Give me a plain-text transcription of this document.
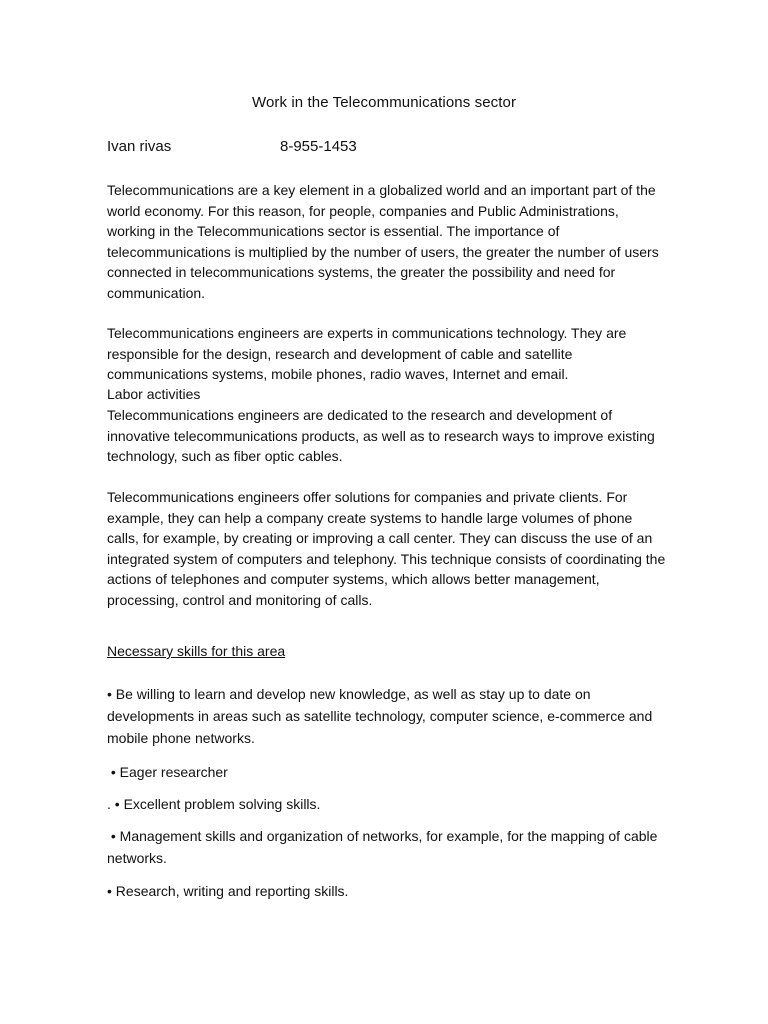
Work in the Telecommunications sector
Ivan rivas	8-955-1453

Telecommunications are a key element in a globalized world and an important part of the world economy. For this reason, for people, companies and Public Administrations, working in the Telecommunications sector is essential. The importance of telecommunications is multiplied by the number of users, the greater the number of users connected in telecommunications systems, the greater the possibility and need for communication.

Telecommunications engineers are experts in communications technology. They are responsible for the design, research and development of cable and satellite communications systems, mobile phones, radio waves, Internet and email.

Labor activities

Telecommunications engineers are dedicated to the research and development of innovative telecommunications products, as well as to research ways to improve existing technology, such as fiber optic cables.

Telecommunications engineers offer solutions for companies and private clients. For example, they can help a company create systems to handle large volumes of phone calls, for example, by creating or improving a call center. They can discuss the use of an integrated system of computers and telephony. This technique consists of coordinating the actions of telephones and computer systems, which allows better management, processing, control and monitoring of calls.

Necessary skills for this area

• Be willing to learn and develop new knowledge, as well as stay up to date on developments in areas such as satellite technology, computer science, e-commerce and mobile phone networks.

• Eager researcher

. • Excellent problem solving skills.

• Management skills and organization of networks, for example, for the mapping of cable networks.

• Research, writing and reporting skills.
